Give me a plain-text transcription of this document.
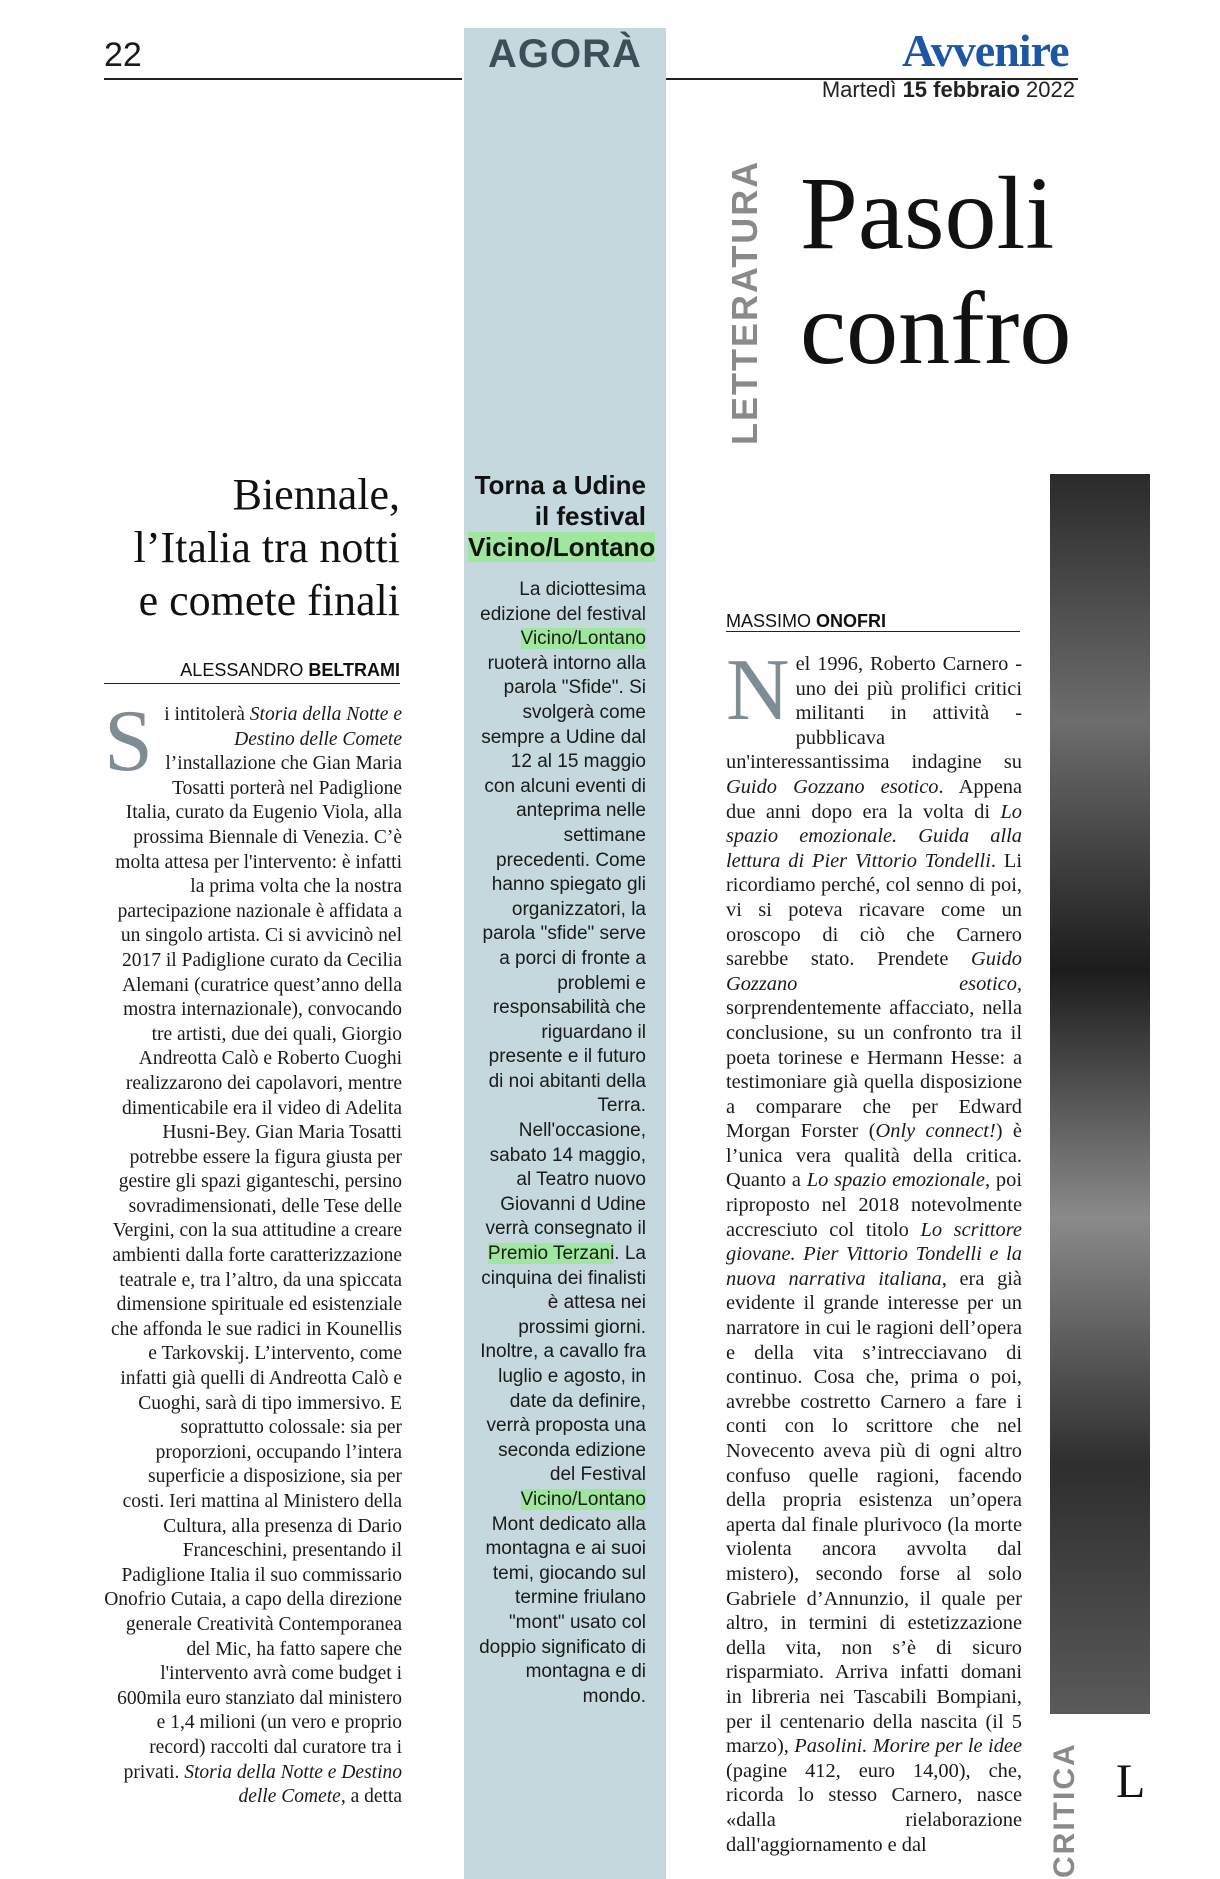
22	AGORÀ	Avvenire
Martedì 15 febbraio 2022
Biennale,
l’Italia tra notti
e comete finali
ALESSANDRO BELTRAMI
Si intitolerà Storia della Notte e Destino delle Comete l’installazione che Gian Maria Tosatti porterà nel Padiglione Italia, curato da Eugenio Viola, alla prossima Biennale di Venezia. C’è molta attesa per l'intervento: è infatti la prima volta che la nostra partecipazione nazionale è affidata a un singolo artista. Ci si avvicinò nel 2017 il Padiglione curato da Cecilia Alemani (curatrice quest’anno della mostra internazionale), convocando tre artisti, due dei quali, Giorgio Andreotta Calò e Roberto Cuoghi realizzarono dei capolavori, mentre dimenticabile era il video di Adelita Husni-Bey. Gian Maria Tosatti potrebbe essere la figura giusta per gestire gli spazi giganteschi, persino sovradimensionati, delle Tese delle Vergini, con la sua attitudine a creare ambienti dalla forte caratterizzazione teatrale e, tra l’altro, da una spiccata dimensione spirituale ed esistenziale che affonda le sue radici in Kounellis e Tarkovskij. L’intervento, come infatti già quelli di Andreotta Calò e Cuoghi, sarà di tipo immersivo. E soprattutto colossale: sia per proporzioni, occupando l’intera superficie a disposizione, sia per costi. Ieri mattina al Ministero della Cultura, alla presenza di Dario Franceschini, presentando il Padiglione Italia il suo commissario Onofrio Cutaia, a capo della direzione generale Creatività Contemporanea del Mic, ha fatto sapere che l'intervento avrà come budget i 600mila euro stanziato dal ministero e 1,4 milioni (un vero e proprio record) raccolti dal curatore tra i privati. Storia della Notte e Destino delle Comete, a detta
Torna a Udine
il festival
Vicino/Lontano
La diciottesima edizione del festival Vicino/Lontano ruoterà intorno alla parola "Sfide". Si svolgerà come sempre a Udine dal 12 al 15 maggio con alcuni eventi di anteprima nelle settimane precedenti. Come hanno spiegato gli organizzatori, la parola "sfide" serve a porci di fronte a problemi e responsabilità che riguardano il presente e il futuro di noi abitanti della Terra. Nell'occasione, sabato 14 maggio, al Teatro nuovo Giovanni d Udine verrà consegnato il Premio Terzani. La cinquina dei finalisti è attesa nei prossimi giorni. Inoltre, a cavallo fra luglio e agosto, in date da definire, verrà proposta una seconda edizione del Festival Vicino/Lontano Mont dedicato alla montagna e ai suoi temi, giocando sul termine friulano "mont" usato col doppio significato di montagna e di mondo.
LETTERATURA Pasoli
confro
MASSIMO ONOFRI
Nel 1996, Roberto Carnero - uno dei più prolifici critici militanti in attività - pubblicava un'interessantissima indagine su Guido Gozzano esotico. Appena due anni dopo era la volta di Lo spazio emozionale. Guida alla lettura di Pier Vittorio Tondelli. Li ricordiamo perché, col senno di poi, vi si poteva ricavare come un oroscopo di ciò che Carnero sarebbe stato. Prendete Guido Gozzano esotico, sorprendentemente affacciato, nella conclusione, su un confronto tra il poeta torinese e Hermann Hesse: a testimoniare già quella disposizione a comparare che per Edward Morgan Forster (Only connect!) è l’unica vera qualità della critica. Quanto a Lo spazio emozionale, poi riproposto nel 2018 notevolmente accresciuto col titolo Lo scrittore giovane. Pier Vittorio Tondelli e la nuova narrativa italiana, era già evidente il grande interesse per un narratore in cui le ragioni dell’opera e della vita s’intrecciavano di continuo. Cosa che, prima o poi, avrebbe costretto Carnero a fare i conti con lo scrittore che nel Novecento aveva più di ogni altro confuso quelle ragioni, facendo della propria esistenza un’opera aperta dal finale plurivoco (la morte violenta ancora avvolta dal mistero), secondo forse al solo Gabriele d’Annunzio, il quale per altro, in termini di estetizzazione della vita, non s’è di sicuro risparmiato. Arriva infatti domani in libreria nei Tascabili Bompiani, per il centenario della nascita (il 5 marzo), Pasolini. Morire per le idee (pagine 412, euro 14,00), che, ricorda lo stesso Carnero, nasce «dalla rielaborazione dall'aggiornamento e dal	CRITICA L
